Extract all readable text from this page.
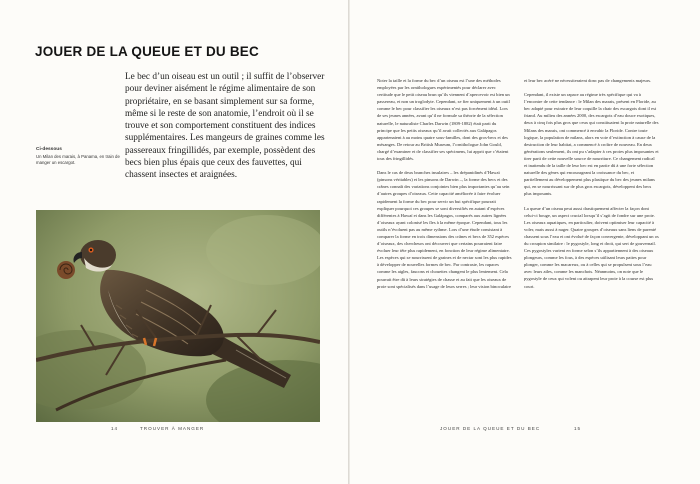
JOUER DE LA QUEUE ET DU BEC

Le bec d’un oiseau est un outil ; il suffit de l’observer pour deviner aisément le régime alimentaire de son propriétaire, en se basant simplement sur sa forme, même si le reste de son anatomie, l’endroit où il se trouve et son comportement constituent des indices supplémentaires. Les mangeurs de graines comme les passereaux fringillidés, par exemple, possèdent des becs bien plus épais que ceux des fauvettes, qui chassent insectes et araignées.

Ci-dessous
Un Milan des marais, à Panama, en train de manger un escargot.
14	TROUVER À MANGER

Noter la taille et la forme du bec d’un oiseau est l’une des méthodes employées par les ornithologues expérimentés pour déclarer avec certitude que le petit oiseau brun qu’ils viennent d’apercevoir est bien un passereau, et non un troglodyte. Cependant, se fier uniquement à un outil comme le bec pour classifier les oiseaux n’est pas forcément idéal. Lors de ses jeunes années, avant qu’il ne formule sa théorie de la sélection naturelle, le naturaliste Charles Darwin (1809-1882) était parti du principe que les petits oiseaux qu’il avait collectés aux Galápagos appartenaient à au moins quatre sous-familles, dont des gros-becs et des mésanges. De retour au British Museum, l’ornithologue John Gould, chargé d’examiner et de classifier ses spécimens, lui apprit que c’étaient tous des fringillidés.

Dans le cas de deux branches insulaires – les drépanidinés d’Hawaï (pinsons véritables) et les pinsons de Darwin –, la forme des becs et des crânes connaît des variations conjointes bien plus importantes qu’au sein d’autres groupes d’oiseaux. Cette capacité améliorée à faire évoluer rapidement la forme du bec pour servir un but spécifique pourrait expliquer pourquoi ces groupes se sont diversifiés en autant d’espèces différentes à Hawaï et dans les Galápagos, comparés aux autres lignées d’oiseaux ayant colonisé les îles à la même époque. Cependant, tous les outils n’évoluent pas au même rythme. Lors d’une étude consistant à comparer la forme en trois dimensions des crânes et becs de 352 espèces d’oiseaux, des chercheurs ont découvert que certains pourraient faire évoluer leur tête plus rapidement, en fonction de leur régime alimentaire. Les espèces qui se nourrissent de graines et de nectar sont les plus rapides à développer de nouvelles formes de bec. Par contraste, les rapaces comme les aigles, faucons et chouettes changent le plus lentement. Cela pourrait être dû à leurs stratégies de chasse et au fait que les oiseaux de proie sont spécialisés dans l’usage de leurs serres ; leur vision binoculaire

et leur bec acéré ne nécessiteraient donc pas de changements majeurs.

Cependant, il existe un rapace au régime très spécifique qui va à l’encontre de cette tendance : le Milan des marais, présent en Floride, au bec adapté pour extraire de leur coquille la chair des escargots dont il est friand. Au milieu des années 2000, des escargots d’eau douce exotiques, deux à cinq fois plus gros que ceux qui constituaient la proie naturelle des Milans des marais, ont commencé à envahir la Floride. Contre toute logique, la population de milans, alors en voie d’extinction à cause de la destruction de leur habitat, a commencé à croître de nouveau. En deux générations seulement, ils ont pu s’adapter à ces proies plus imposantes et tirer parti de cette nouvelle source de nourriture. Ce changement radical et inattendu de la taille de leur bec est en partie dû à une forte sélection naturelle des gènes qui encourageant la croissance du bec, et partiellement au développement plus plastique du bec des jeunes milans qui, en se nourrissant sur de plus gros escargots, développent des becs plus imposants.

La queue d’un oiseau peut aussi drastiquement affecter la façon dont celui-ci bouge, un aspect crucial lorsqu’il s’agit de fondre sur une proie. Les oiseaux aquatiques, en particulier, doivent optimiser leur capacité à voler, mais aussi à nager. Quatre groupes d’oiseaux sans liens de parenté chassent sous l’eau et ont évolué de façon convergente, développant un os du croupion similaire : le pygostyle, long et droit, qui sert de gouvernail. Ces pygostyles varient en forme selon s’ils appartiennent à des oiseaux plongeurs, comme les fous, à des espèces utilisant leurs pattes pour plonger, comme les macareux, ou à celles qui se propulsent sous l’eau avec leurs ailes, comme les manchots. Néanmoins, on note que le pygostyle de ceux qui volent ou attrapent leur proie à la course est plus court.

JOUER DE LA QUEUE ET DU BEC	15
